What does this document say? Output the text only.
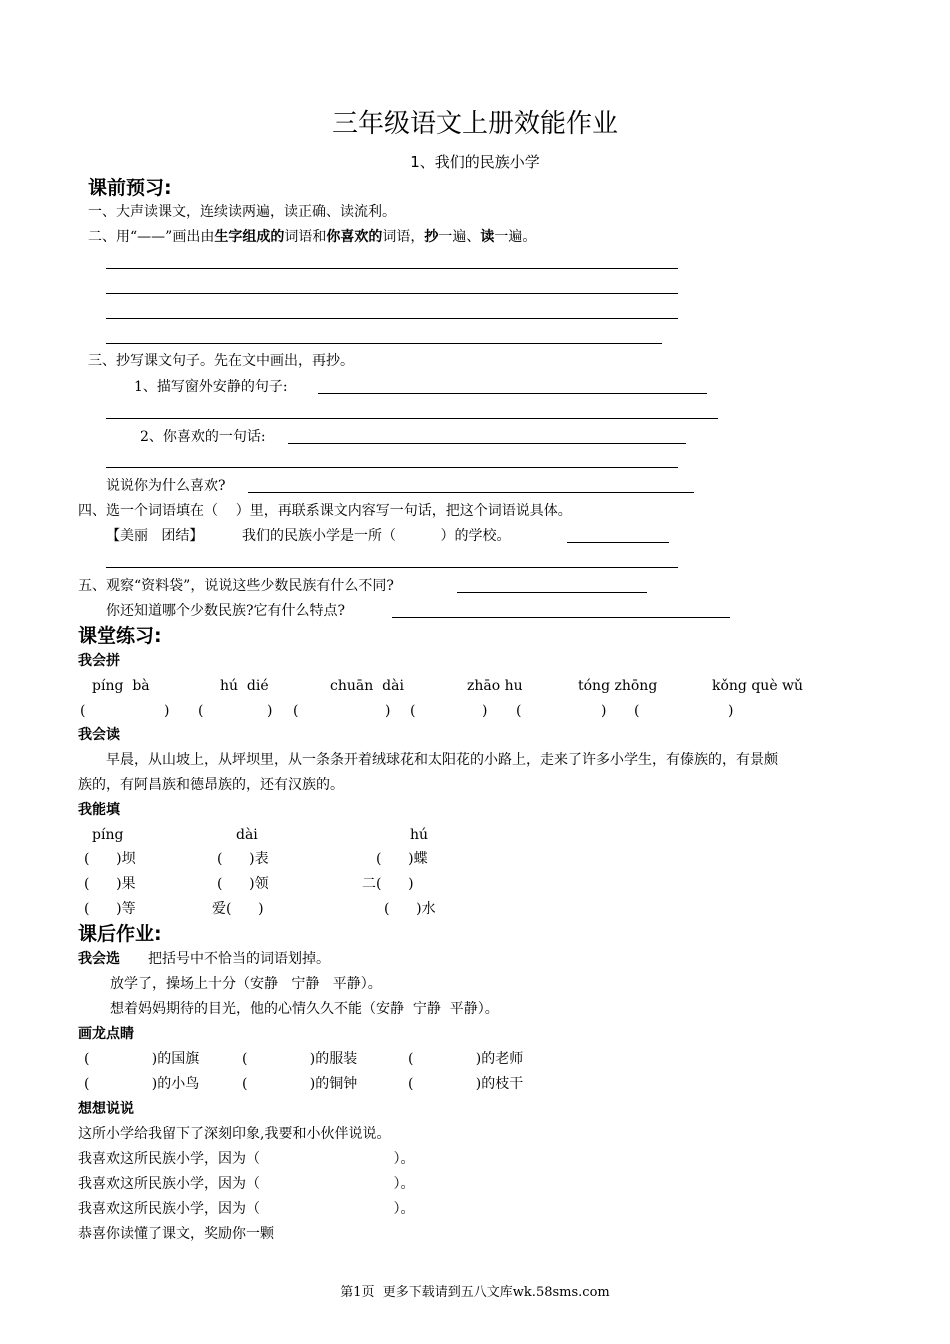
三年级语文上册效能作业
1、我们的民族小学
课前预习:
一、大声读课文，连续读两遍，读正确、读流利。
二、用“——”画出由生字组成的词语和你喜欢的词语，抄一遍、读一遍。
三、抄写课文句子。先在文中画出，再抄。
1、描写窗外安静的句子:
2、你喜欢的一句话:
说说你为什么喜欢?
四、选一个词语填在（    ）里，再联系课文内容写一句话，把这个词语说具体。
【美丽   团结】	我们的民族小学是一所（          ）的学校。
五、观察“资料袋”，说说这些少数民族有什么不同?
你还知道哪个少数民族?它有什么特点?
课堂练习:
我会拼
píng  bà	hú  dié	chuān  dài	zhāo hu	tóng zhōng	kǒng què wǔ
(	) (	) (	) (	) (	) (	)
我会读
早晨，从山坡上，从坪坝里，从一条条开着绒球花和太阳花的小路上，走来了许多小学生，有傣族的，有景颇
族的，有阿昌族和德昂族的，还有汉族的。
我能填
píng	dài	hú
(      )坝	(      )表	(      )蝶
(      )果	(      )领	二(      )
(      )等	爱(      )	(      )水
课后作业:
我会选 把括号中不恰当的词语划掉。
放学了，操场上十分（安静   宁静   平静）。
想着妈妈期待的目光，他的心情久久不能（安静  宁静  平静）。
画龙点睛
(              )的国旗	(              )的服装	(              )的老师
(              )的小鸟	(              )的铜钟	(              )的枝干
想想说说
这所小学给我留下了深刻印象,我要和小伙伴说说。
我喜欢这所民族小学，因为（                              ）。
我喜欢这所民族小学，因为（                              ）。
我喜欢这所民族小学，因为（                              ）。
恭喜你读懂了课文，奖励你一颗
第1页  更多下载请到五八文库wk.58sms.com
